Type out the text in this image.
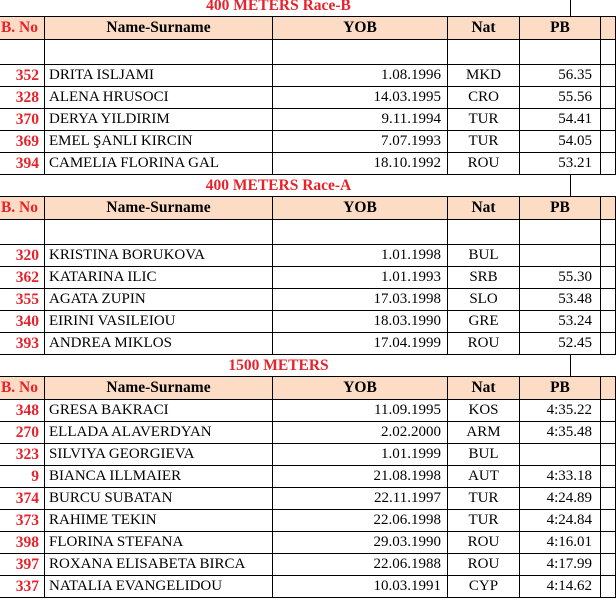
400 METERS Race-B
B. No	Name-Surname	YOB	Nat	PB	

352	DRITA ISLJAMI	1.08.1996	MKD	56.35	
328	ALENA HRUSOCI	14.03.1995	CRO	55.56	
370	DERYA YILDIRIM	9.11.1994	TUR	54.41	
369	EMEL ŞANLI KIRCIN	7.07.1993	TUR	54.05	
394	CAMELIA FLORINA GAL	18.10.1992	ROU	53.21	
400 METERS Race-A
B. No	Name-Surname	YOB	Nat	PB	

320	KRISTINA BORUKOVA	1.01.1998	BUL		
362	KATARINA ILIC	1.01.1993	SRB	55.30	
355	AGATA ZUPIN	17.03.1998	SLO	53.48	
340	EIRINI VASILEIOU	18.03.1990	GRE	53.24	
393	ANDREA MIKLOS	17.04.1999	ROU	52.45	
1500 METERS
B. No	Name-Surname	YOB	Nat	PB	
348	GRESA BAKRACI	11.09.1995	KOS	4:35.22	
270	ELLADA ALAVERDYAN	2.02.2000	ARM	4:35.48	
323	SILVIYA GEORGIEVA	1.01.1999	BUL		
9	BIANCA ILLMAIER	21.08.1998	AUT	4:33.18	
374	BURCU SUBATAN	22.11.1997	TUR	4:24.89	
373	RAHIME TEKIN	22.06.1998	TUR	4:24.84	
398	FLORINA STEFANA	29.03.1990	ROU	4:16.01	
397	ROXANA ELISABETA BIRCA	22.06.1988	ROU	4:17.99	
337	NATALIA EVANGELIDOU	10.03.1991	CYP	4:14.62	
